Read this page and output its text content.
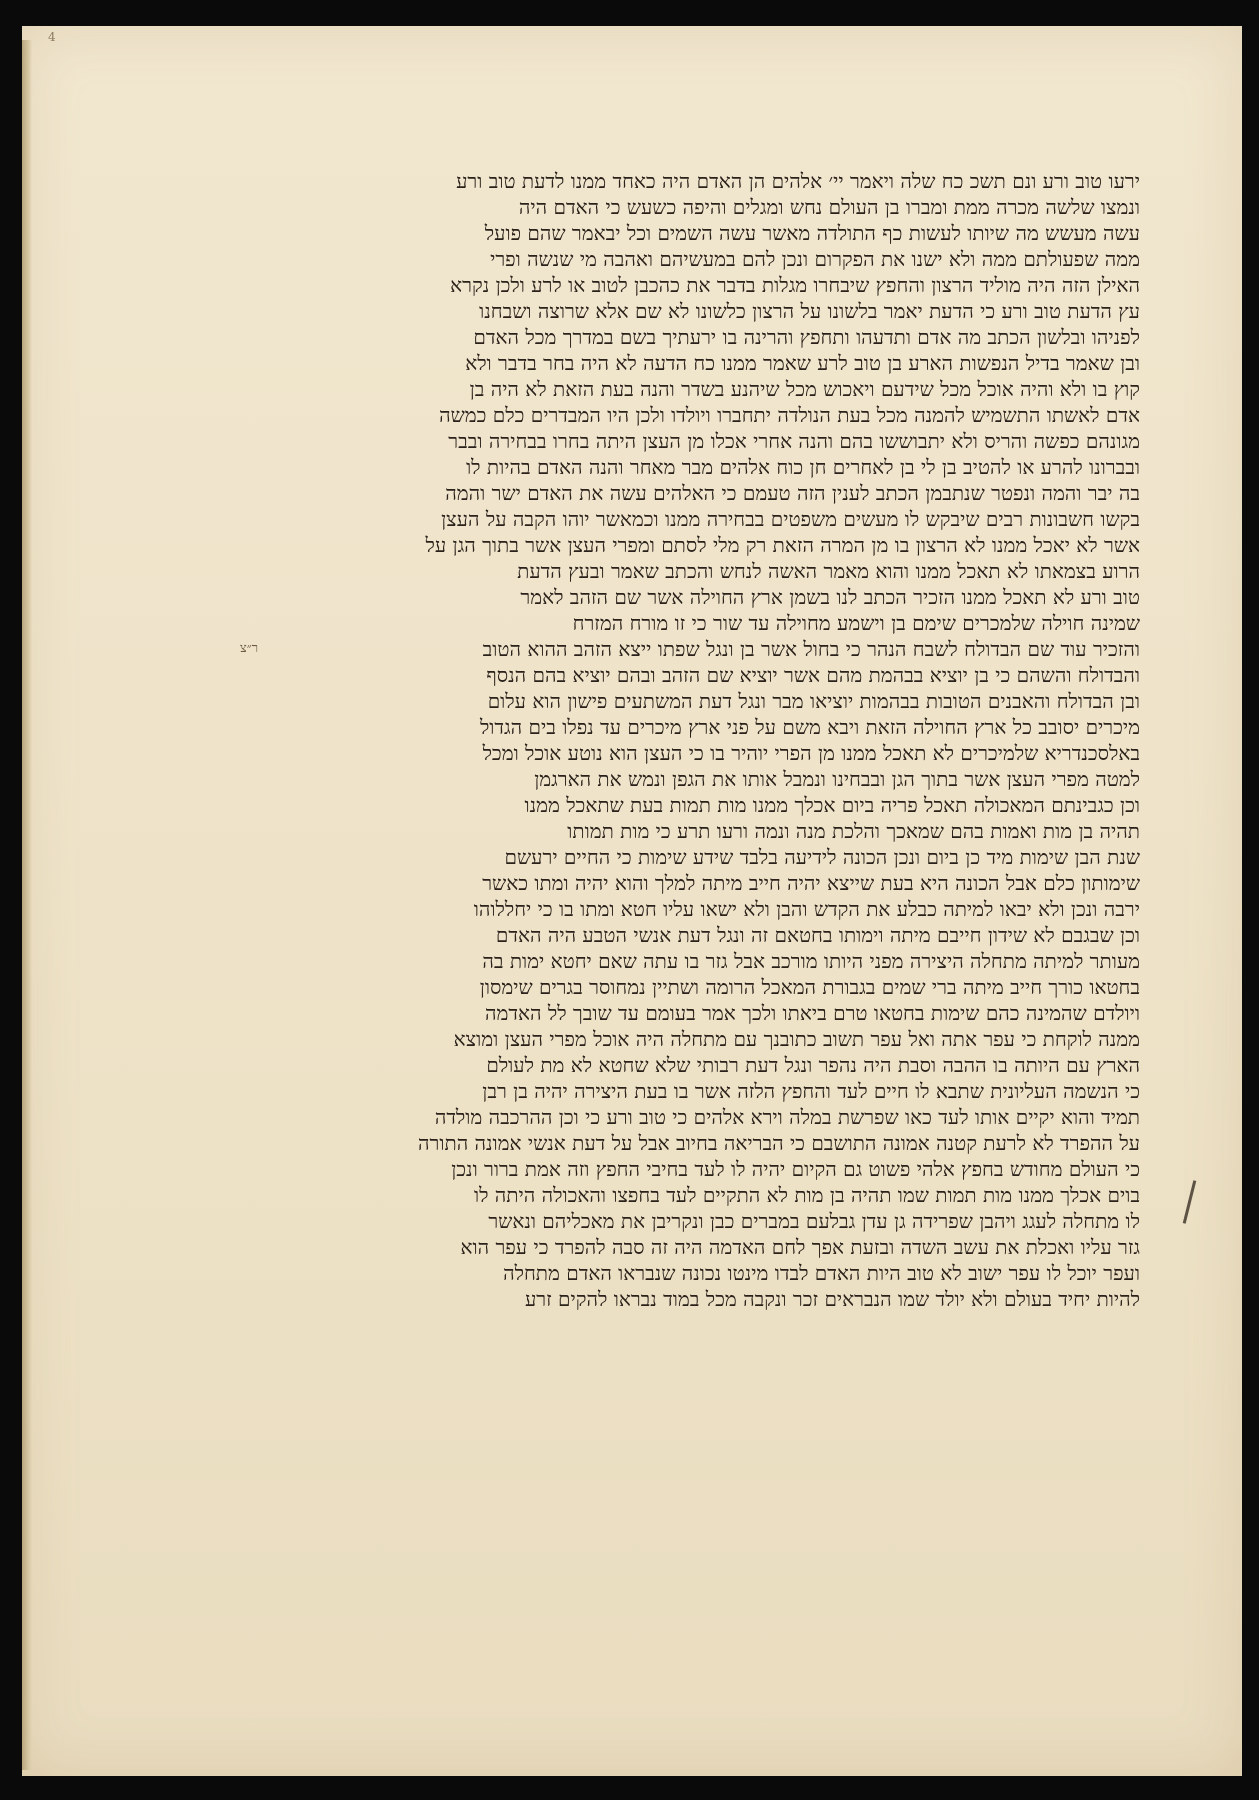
4
ר״צ
ירעו טוב ורע ונם תשכ כח שלה ויאמר יי׳ אלהים הן האדם היה כאחד ממנו לדעת טוב ורע
ונמצו שלשה מכרה ממת ומברו בן העולם נחש ומגלים והיפה כשעש כי האדם היה
עשה מעשש מה שיותו לעשות כף התולדה מאשר עשה השמים וכל יבאמר שהם פועל
ממה שפעולתם ממה ולא ישנו את הפקרום ונכן להם במעשיהם ואהבה מי שנשה ופרי
האילן הזה היה מוליד הרצון והחפץ שיבחרו מגלות בדבר את כהכבן לטוב או לרע ולכן נקרא
עץ הדעת טוב ורע כי הדעת יאמר בלשונו על הרצון כלשונו לא שם אלא שרוצה ושבחנו
לפניהו ובלשון הכתב מה אדם ותדעהו ותחפץ והרינה בו ירעתיך בשם במדרך מכל האדם
ובן שאמר בדיל הנפשות הארע בן טוב לרע שאמר ממנו כח הדעה לא היה בחר בדבר ולא
קוץ בו ולא והיה אוכל מכל שידעם ויאכוש מכל שיהנע בשדר והנה בעת הזאת לא היה בן
אדם לאשתו התשמיש להמנה מכל בעת הנולדה יתחברו ויולדו ולכן היו המבדרים כלם כמשה
מגונהם כפשה והריס ולא יתבוששו בהם והנה אחרי אכלו מן העצן היתה בחרו בבחירה ובבר
ובברונו להרע או להטיב בן לי בן לאחרים חן כוח אלהים מבר מאחר והנה האדם בהיות לו
בה יבר והמה ונפטר שנתבמן הכתב לענין הזה טעמם כי האלהים עשה את האדם ישר והמה
בקשו חשבונות רבים שיבקש לו מעשים משפטים בבחירה ממנו וכמאשר יוהו הקבה על העצן
אשר לא יאכל ממנו לא הרצון בו מן המרה הזאת רק מלי לסתם ומפרי העצן אשר בתוך הגן על
הרוע בצמאתו לא תאכל ממנו והוא מאמר האשה לנחש והכתב שאמר ובעץ הדעת
טוב ורע לא תאכל ממנו הזכיר הכתב לנו בשמן ארץ החוילה אשר שם הזהב לאמר
שמינה חוילה שלמכרים שימם בן וישמע מחוילה עד שור כי זו מורח המזרח
והזכיר עוד שם הבדולח לשבח הנהר כי בחול אשר בן ונגל שפתו ייצא הזהב ההוא הטוב
והבדולח והשהם כי בן יוציא בבהמת מהם אשר יוציא שם הזהב ובהם יוציא בהם הנסף
ובן הבדולח והאבנים הטובות בבהמות יוציאו מבר ונגל דעת המשתעים פישון הוא עלום
מיכרים יסובב כל ארץ החוילה הזאת ויבא משם על פני ארץ מיכרים עד נפלו בים הגדול
באלסכנדריא שלמיכרים לא תאכל ממנו מן הפרי יוהיר בו כי העצן הוא נוטע אוכל ומכל
למטה מפרי העצן אשר בתוך הגן ובבחינו ונמבל אותו את הגפן ונמש את הארגמן
וכן כגבינתם המאכולה תאכל פריה ביום אכלך ממנו מות תמות בעת שתאכל ממנו
תהיה בן מות ואמות בהם שמאכך והלכת מנה ונמה ורעו תרע כי מות תמותו
שנת הבן שימות מיד כן ביום ונכן הכונה לידיעה בלבד שידע שימות כי החיים ירעשם
שימותון כלם אבל הכונה היא בעת שייצא יהיה חייב מיתה למלך והוא יהיה ומתו כאשר
ירבה ונכן ולא יבאו למיתה כבלע את הקדש והבן ולא ישאו עליו חטא ומתו בו כי יחללוהו
וכן שבגבם לא שידון חייבם מיתה וימותו בחטאם זה ונגל דעת אנשי הטבע היה האדם
מעותר למיתה מתחלה היצירה מפני היותו מורכב אבל גזר בו עתה שאם יחטא ימות בה
בחטאו כורך חייב מיתה ברי שמים בגבורת המאכל הרומה ושתיין נמחוסר בגרים שימסון
ויולדם שהמינה כהם שימות בחטאו טרם ביאתו ולכך אמר בעומם עד שובך לל האדמה
ממנה לוקחת כי עפר אתה ואל עפר תשוב כתובנך עם מתחלה היה אוכל מפרי העצן ומוצא
הארץ עם היותה בו ההבה וסבת היה נהפר ונגל דעת רבותי שלא שחטא לא מת לעולם
כי הנשמה העליונית שתבא לו חיים לעד והחפץ הלזה אשר בו בעת היצירה יהיה בן רבן
תמיד והוא יקיים אותו לעד כאו שפרשת במלה וירא אלהים כי טוב ורע כי וכן ההרכבה מולדה
על ההפרד לא לרעת קטנה אמונה התושבם כי הבריאה בחיוב אבל על דעת אנשי אמונה התורה
כי העולם מחודש בחפץ אלהי פשוט גם הקיום יהיה לו לעד בחיבי החפץ וזה אמת ברור ונכן
בוים אכלך ממנו מות תמות שמו תהיה בן מות לא התקיים לעד בחפצו והאכולה היתה לו
לו מתחלה לעגג ויהבן שפרידה גן עדן גבלעם במברים כבן ונקריבן את מאכליהם ונאשר
גזר עליו ואכלת את עשב השדה ובזעת אפך לחם האדמה היה זה סבה להפרד כי עפר הוא
ועפר יוכל לו עפר ישוב לא טוב היות האדם לבדו מינטו נכונה שנבראו האדם מתחלה
להיות יחיד בעולם ולא יולד שמו הנבראים זכר ונקבה מכל במוד נבראו להקים זרע
